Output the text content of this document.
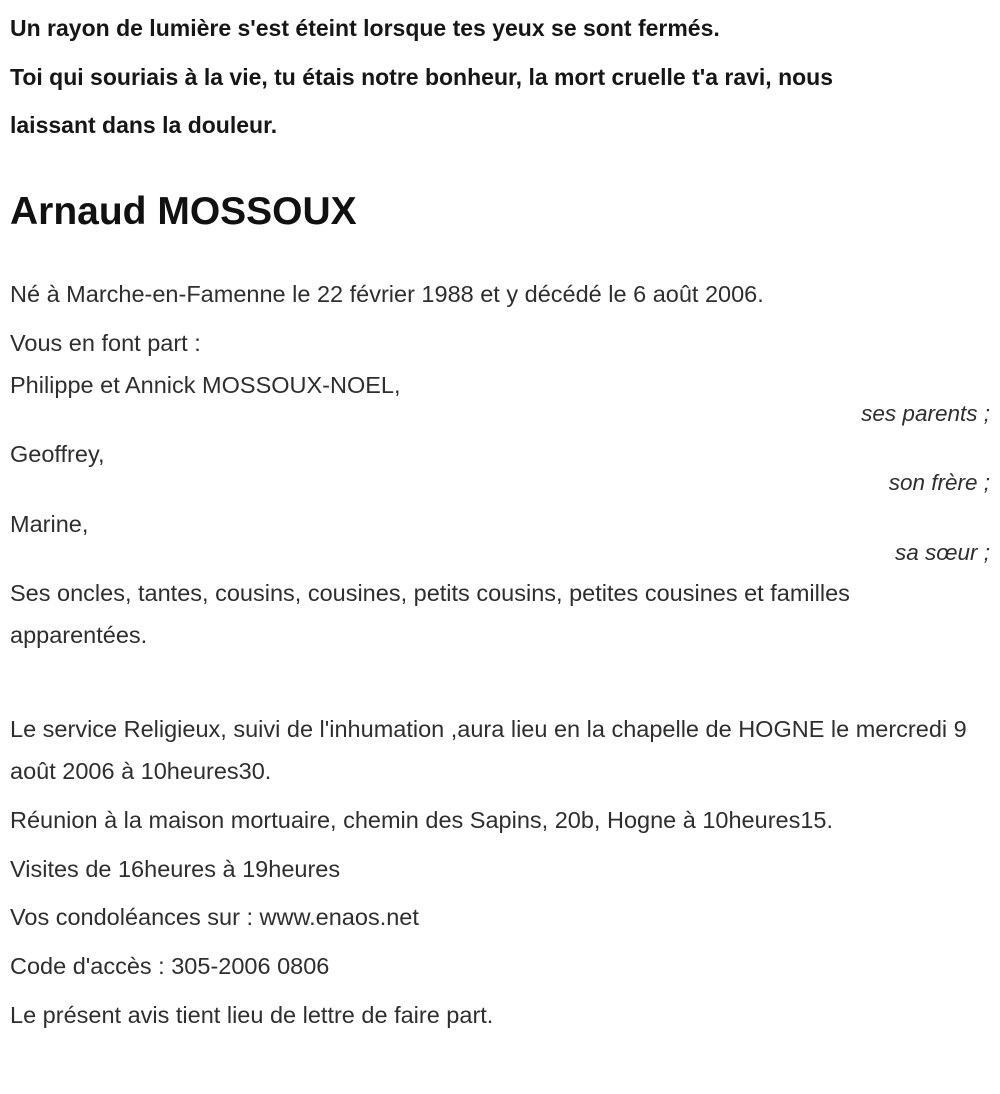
Un rayon de lumière s'est éteint lorsque tes yeux se sont fermés.

Toi qui souriais à la vie, tu étais notre bonheur, la mort cruelle t'a ravi, nous

laissant dans la douleur.

Arnaud MOSSOUX

Né à Marche-en-Famenne le 22 février 1988 et y décédé le 6 août 2006.

Vous en font part :

Philippe et Annick MOSSOUX-NOEL,

ses parents ;

Geoffrey,

son frère ;

Marine,

sa sœur ;

Ses oncles, tantes, cousins, cousines, petits cousins, petites cousines et familles apparentées.

Le service Religieux, suivi de l'inhumation ,aura lieu en la chapelle de HOGNE le mercredi 9 août 2006 à 10heures30.

Réunion à la maison mortuaire, chemin des Sapins, 20b, Hogne à 10heures15.

Visites de 16heures à 19heures

Vos condoléances sur : www.enaos.net

Code d'accès : 305-2006 0806

Le présent avis tient lieu de lettre de faire part.
